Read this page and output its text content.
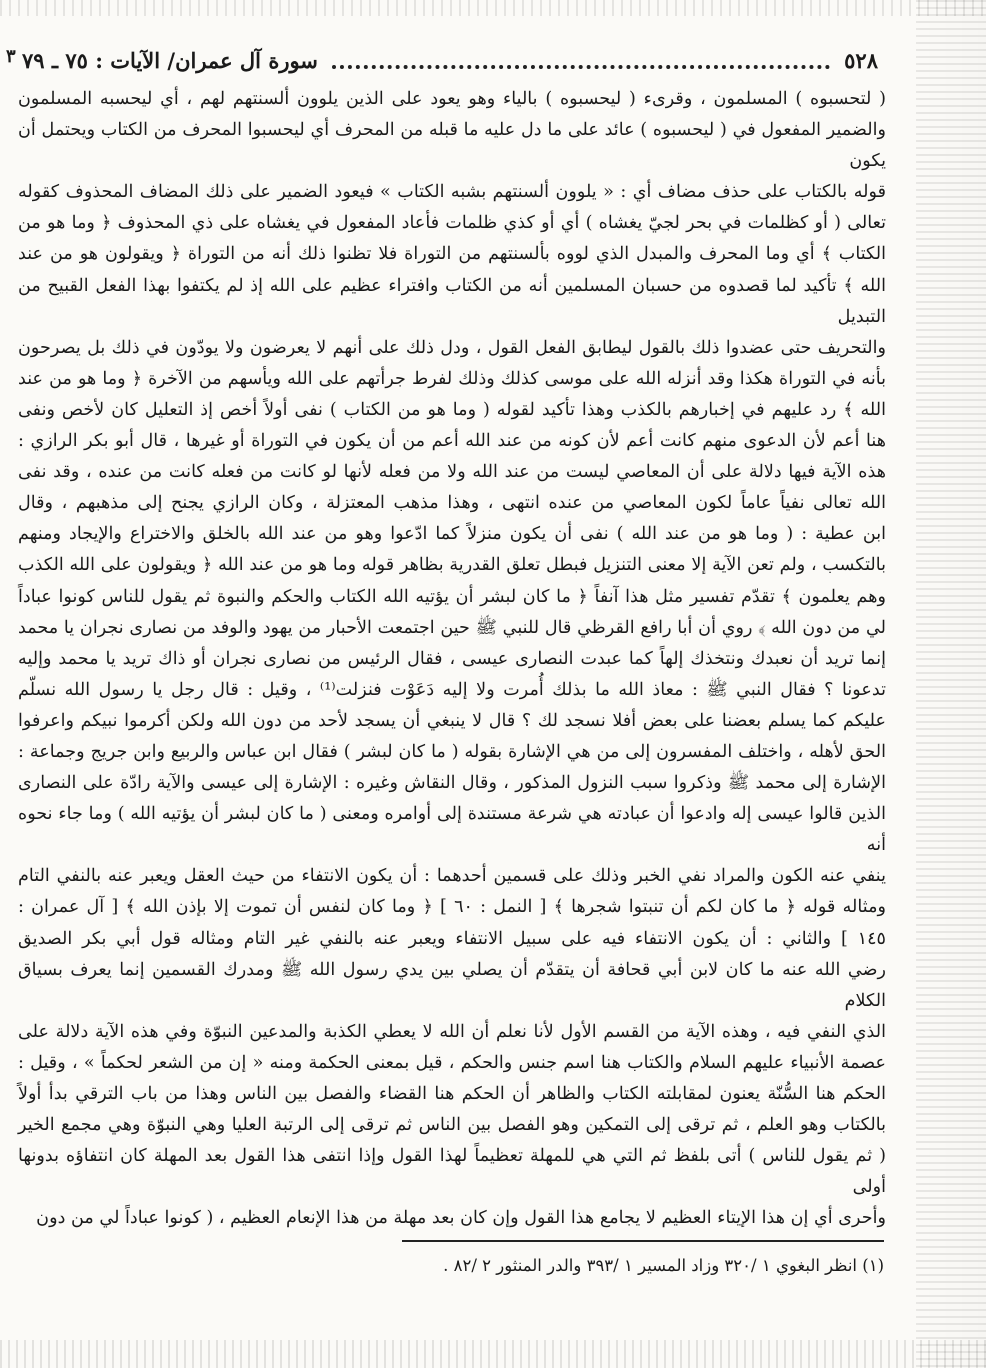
٣	٥٢٨
سورة آل عمران/ الآيات : ٧٥ ـ ٧٩

( لتحسبوه ) المسلمون ، وقرىء ( ليحسبوه ) بالياء وهو يعود على الذين يلوون ألسنتهم لهم ، أي ليحسبه المسلمون

والضمير المفعول في ( ليحسبوه ) عائد على ما دل عليه ما قبله من المحرف أي ليحسبوا المحرف من الكتاب ويحتمل أن يكون

قوله بالكتاب على حذف مضاف أي : « يلوون ألسنتهم بشبه الكتاب » فيعود الضمير على ذلك المضاف المحذوف كقوله

تعالى ( أو كظلمات في بحر لجيّ يغشاه ) أي أو كذي ظلمات فأعاد المفعول في يغشاه على ذي المحذوف ﴿ وما هو من

الكتاب ﴾ أي وما المحرف والمبدل الذي لووه بألسنتهم من التوراة فلا تظنوا ذلك أنه من التوراة ﴿ ويقولون هو من عند

الله ﴾ تأكيد لما قصدوه من حسبان المسلمين أنه من الكتاب وافتراء عظيم على الله إذ لم يكتفوا بهذا الفعل القبيح من التبديل

والتحريف حتى عضدوا ذلك بالقول ليطابق الفعل القول ، ودل ذلك على أنهم لا يعرضون ولا يودّون في ذلك بل يصرحون

بأنه في التوراة هكذا وقد أنزله الله على موسى كذلك وذلك لفرط جرأتهم على الله ويأسهم من الآخرة ﴿ وما هو من عند

الله ﴾ رد عليهم في إخبارهم بالكذب وهذا تأكيد لقوله ( وما هو من الكتاب ) نفى أولاً أخص إذ التعليل كان لأخص ونفى

هنا أعم لأن الدعوى منهم كانت أعم لأن كونه من عند الله أعم من أن يكون في التوراة أو غيرها ، قال أبو بكر الرازي :

هذه الآية فيها دلالة على أن المعاصي ليست من عند الله ولا من فعله لأنها لو كانت من فعله كانت من عنده ، وقد نفى

الله تعالى نفياً عاماً لكون المعاصي من عنده انتهى ، وهذا مذهب المعتزلة ، وكان الرازي يجنح إلى مذهبهم ، وقال

ابن عطية : ( وما هو من عند الله ) نفى أن يكون منزلاً كما ادّعوا وهو من عند الله بالخلق والاختراع والإيجاد ومنهم

بالتكسب ، ولم تعن الآية إلا معنى التنزيل فبطل تعلق القدرية بظاهر قوله وما هو من عند الله ﴿ ويقولون على الله الكذب

وهم يعلمون ﴾ تقدّم تفسير مثل هذا آنفاً ﴿ ما كان لبشر أن يؤتيه الله الكتاب والحكم والنبوة ثم يقول للناس كونوا عباداً

لي من دون الله ﴾ روي أن أبا رافع القرظي قال للنبي ﷺ حين اجتمعت الأحبار من يهود والوفد من نصارى نجران يا محمد

إنما تريد أن نعبدك ونتخذك إلهاً كما عبدت النصارى عيسى ، فقال الرئيس من نصارى نجران أو ذاك تريد يا محمد وإليه

تدعونا ؟ فقال النبي ﷺ : معاذ الله ما بذلك أُمرت ولا إليه دَعَوْت فنزلت⁽¹⁾ ، وقيل : قال رجل يا رسول الله نسلّم

عليكم كما يسلم بعضنا على بعض أفلا نسجد لك ؟ قال لا ينبغي أن يسجد لأحد من دون الله ولكن أكرموا نبيكم واعرفوا

الحق لأهله ، واختلف المفسرون إلى من هي الإشارة بقوله ( ما كان لبشر ) فقال ابن عباس والربيع وابن جريج وجماعة :

الإشارة إلى محمد ﷺ وذكروا سبب النزول المذكور ، وقال النقاش وغيره : الإشارة إلى عيسى والآية رادّة على النصارى

الذين قالوا عيسى إله وادعوا أن عبادته هي شرعة مستندة إلى أوامره ومعنى ( ما كان لبشر أن يؤتيه الله ) وما جاء نحوه أنه

ينفي عنه الكون والمراد نفي الخبر وذلك على قسمين أحدهما : أن يكون الانتفاء من حيث العقل ويعبر عنه بالنفي التام

ومثاله قوله ﴿ ما كان لكم أن تنبتوا شجرها ﴾ [ النمل : ٦٠ ] ﴿ وما كان لنفس أن تموت إلا بإذن الله ﴾ [ آل عمران :

١٤٥ ] والثاني : أن يكون الانتفاء فيه على سبيل الانتفاء ويعبر عنه بالنفي غير التام ومثاله قول أبي بكر الصديق

رضي الله عنه ما كان لابن أبي قحافة أن يتقدّم أن يصلي بين يدي رسول الله ﷺ ومدرك القسمين إنما يعرف بسياق الكلام

الذي النفي فيه ، وهذه الآية من القسم الأول لأنا نعلم أن الله لا يعطي الكذبة والمدعين النبوّة وفي هذه الآية دلالة على

عصمة الأنبياء عليهم السلام والكتاب هنا اسم جنس والحكم ، قيل بمعنى الحكمة ومنه « إن من الشعر لحكماً » ، وقيل :

الحكم هنا السُّنّة يعنون لمقابلته الكتاب والظاهر أن الحكم هنا القضاء والفصل بين الناس وهذا من باب الترقي بدأ أولاً

بالكتاب وهو العلم ، ثم ترقى إلى التمكين وهو الفصل بين الناس ثم ترقى إلى الرتبة العليا وهي النبوّة وهي مجمع الخير

( ثم يقول للناس ) أتى بلفظ ثم التي هي للمهلة تعظيماً لهذا القول وإذا انتفى هذا القول بعد المهلة كان انتفاؤه بدونها أولى

وأحرى أي إن هذا الإيتاء العظيم لا يجامع هذا القول وإن كان بعد مهلة من هذا الإنعام العظيم ، ( كونوا عباداً لي من دون

(١) انظر البغوي ١ /٣٢٠ وزاد المسير ١ /٣٩٣ والدر المنثور ٢ /٨٢ .
